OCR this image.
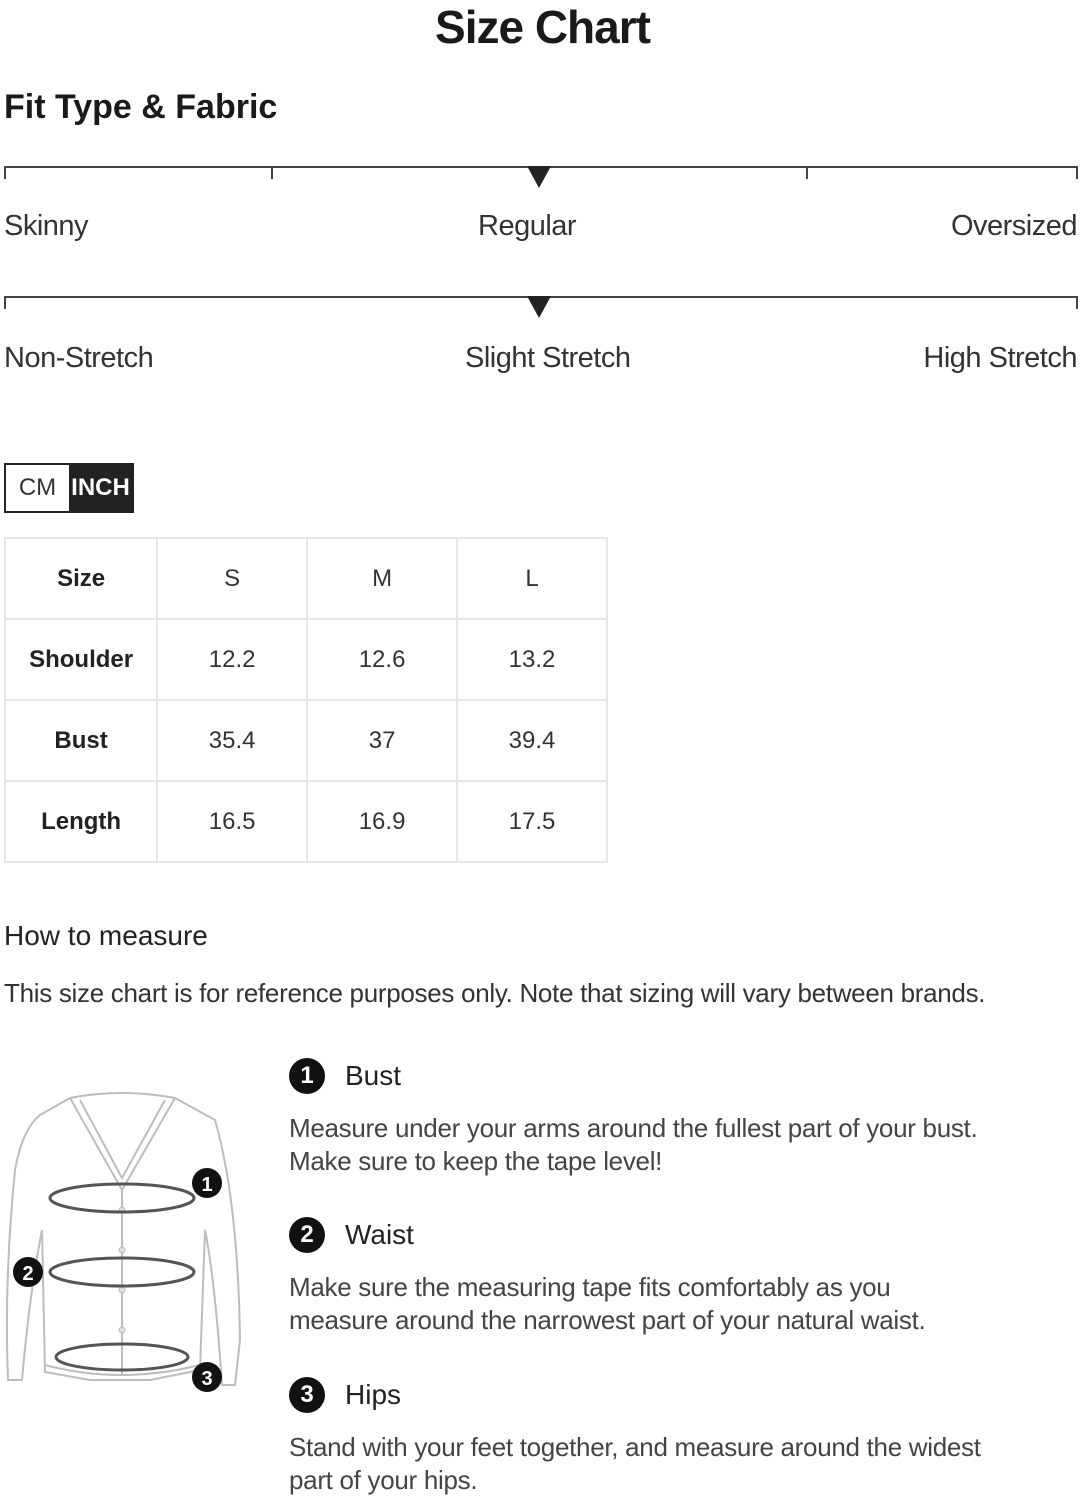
Size Chart
Fit Type & Fabric
Skinny	Regular	Oversized
Non-Stretch	Slight Stretch	High Stretch
CM INCH
Size	S	M	L
Shoulder	12.2	12.6	13.2
Bust	35.4	37	39.4
Length	16.5	16.9	17.5
How to measure
This size chart is for reference purposes only. Note that sizing will vary between brands.
1
2
3
1	Bust
Measure under your arms around the fullest part of your bust. Make sure to keep the tape level!
2	Waist
Make sure the measuring tape fits comfortably as you measure around the narrowest part of your natural waist.
3	Hips
Stand with your feet together, and measure around the widest part of your hips.
